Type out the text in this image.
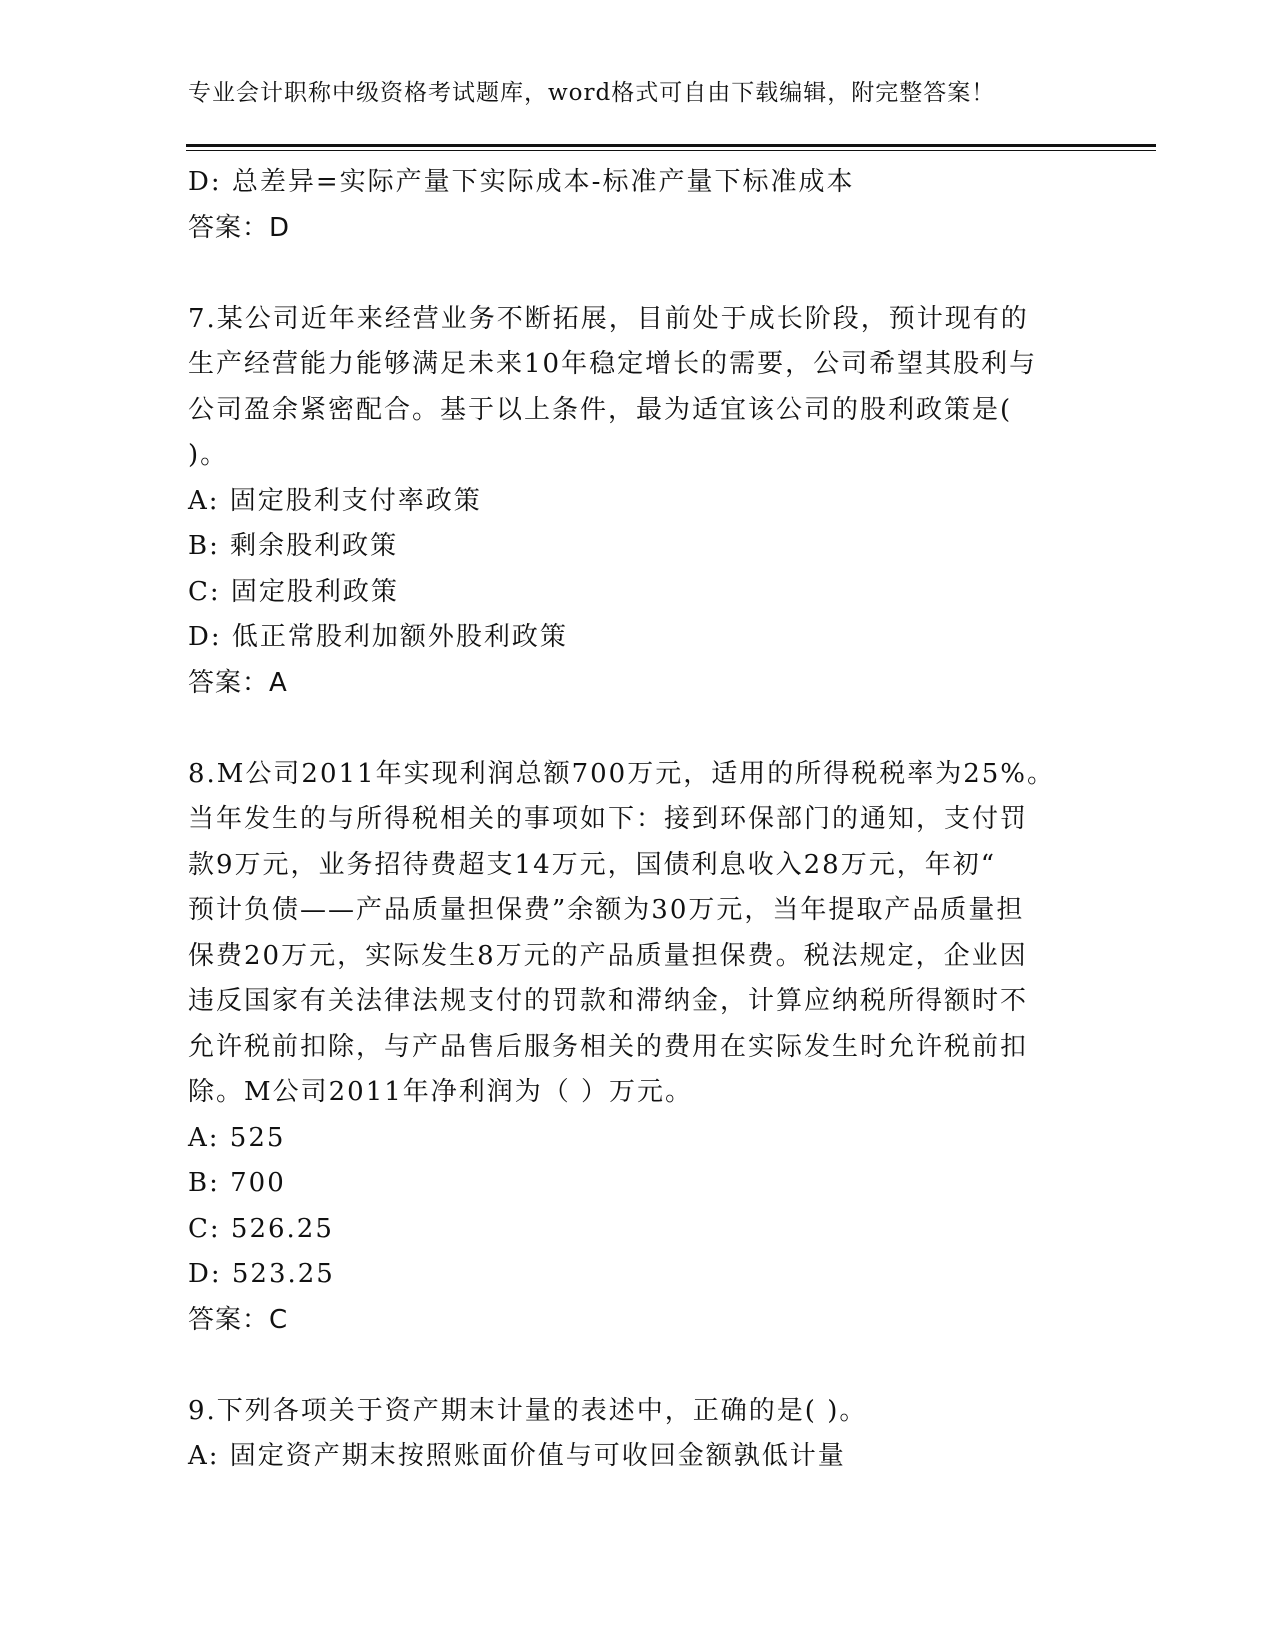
专业会计职称中级资格考试题库，word格式可自由下载编辑，附完整答案！
D: 总差异=实际产量下实际成本-标准产量下标准成本
答案：D
7.某公司近年来经营业务不断拓展，目前处于成长阶段，预计现有的
生产经营能力能够满足未来10年稳定增长的需要，公司希望其股利与
公司盈余紧密配合。基于以上条件，最为适宜该公司的股利政策是(
)。
A: 固定股利支付率政策
B: 剩余股利政策
C: 固定股利政策
D: 低正常股利加额外股利政策
答案：A
8.M公司2011年实现利润总额700万元，适用的所得税税率为25%。
当年发生的与所得税相关的事项如下：接到环保部门的通知，支付罚
款9万元，业务招待费超支14万元，国债利息收入28万元，年初“
预计负债——产品质量担保费”余额为30万元，当年提取产品质量担
保费20万元，实际发生8万元的产品质量担保费。税法规定，企业因
违反国家有关法律法规支付的罚款和滞纳金，计算应纳税所得额时不
允许税前扣除，与产品售后服务相关的费用在实际发生时允许税前扣
除。M公司2011年净利润为（ ）万元。
A: 525
B: 700
C: 526.25
D: 523.25
答案：C
9.下列各项关于资产期末计量的表述中，正确的是( )。
A: 固定资产期末按照账面价值与可收回金额孰低计量
